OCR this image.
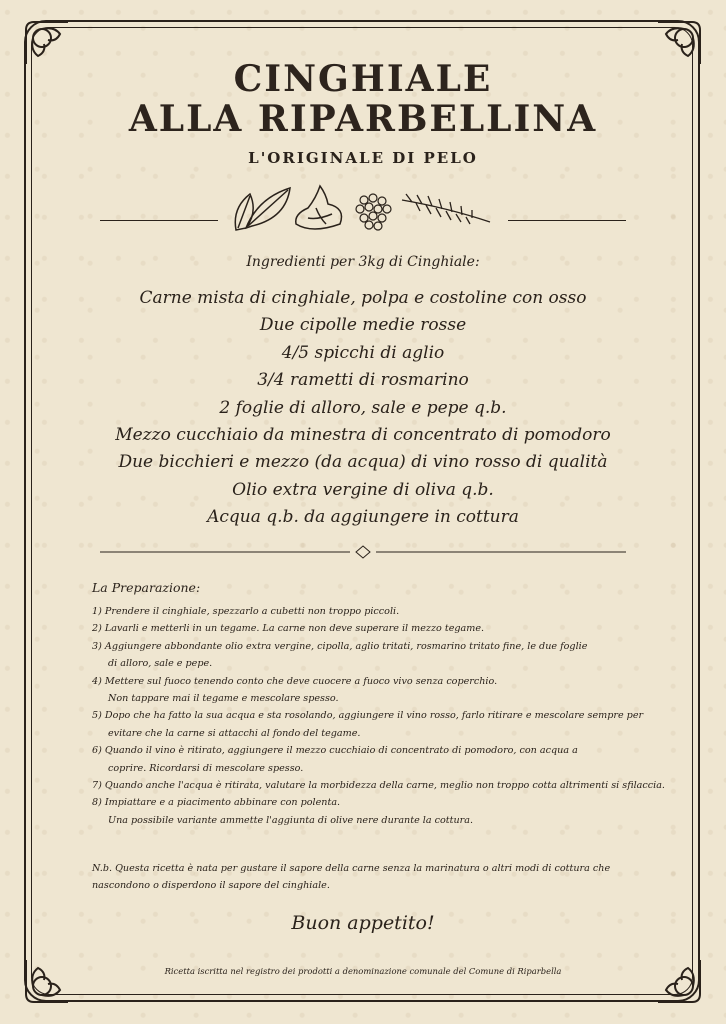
CINGHIALE
ALLA RIPARBELLINA
L'ORIGINALE DI PELO
Ingredienti per 3kg di Cinghiale:
Carne mista di cinghiale, polpa e costoline con osso
Due cipolle medie rosse
4/5 spicchi di aglio
3/4 rametti di rosmarino
2 foglie di alloro, sale e pepe q.b.
Mezzo cucchiaio da minestra di concentrato di pomodoro
Due bicchieri e mezzo (da acqua) di vino rosso di qualità
Olio extra vergine di oliva q.b.
Acqua q.b. da aggiungere in cottura
La Preparazione:
1) Prendere il cinghiale, spezzarlo a cubetti non troppo piccoli.
2) Lavarli e metterli in un tegame. La carne non deve superare il mezzo tegame.
3) Aggiungere abbondante olio extra vergine, cipolla, aglio tritati, rosmarino tritato fine, le due foglie
di alloro, sale e pepe.
4) Mettere sul fuoco tenendo conto che deve cuocere a fuoco vivo senza coperchio.
Non tappare mai il tegame e mescolare spesso.
5) Dopo che ha fatto la sua acqua e sta rosolando, aggiungere il vino rosso, farlo ritirare e mescolare sempre per
evitare che la carne si attacchi al fondo del tegame.
6) Quando il vino è ritirato, aggiungere il mezzo cucchiaio di concentrato di pomodoro, con acqua a
coprire. Ricordarsi di mescolare spesso.
7) Quando anche l'acqua è ritirata, valutare la morbidezza della carne, meglio non troppo cotta altrimenti si sfilaccia.
8) Impiattare e a piacimento abbinare con polenta.
Una possibile variante ammette l'aggiunta di olive nere durante la cottura.
N.b. Questa ricetta è nata per gustare il sapore della carne senza la marinatura o altri modi di cottura che
nascondono o disperdono il sapore del cinghiale.
Buon appetito!
Ricetta iscritta nel registro dei prodotti a denominazione comunale del Comune di Riparbella
